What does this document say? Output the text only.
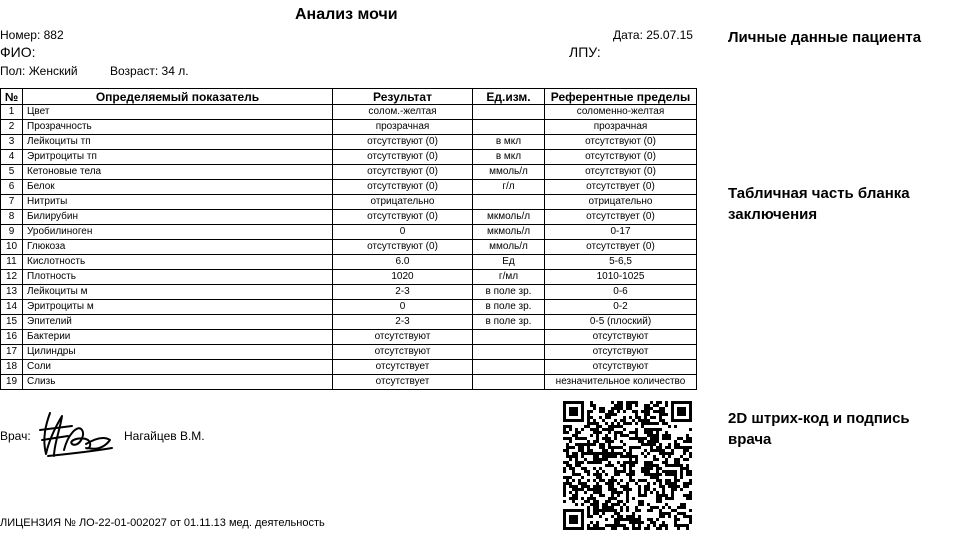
Анализ мочи
Номер: 882	Дата: 25.07.15
ФИО:	ЛПУ:
Пол: Женский	Возраст: 34 л.
№	Определяемый показатель	Результат	Ед.изм.	Референтные пределы
1	Цвет	солом.-желтая		соломенно-желтая
2	Прозрачность	прозрачная		прозрачная
3	Лейкоциты тп	отсутствуют (0)	в мкл	отсутствуют (0)
4	Эритроциты тп	отсутствуют (0)	в мкл	отсутствуют (0)
5	Кетоновые тела	отсутствуют (0)	ммоль/л	отсутствуют (0)
6	Белок	отсутствуют (0)	г/л	отсутствует (0)
7	Нитриты	отрицательно		отрицательно
8	Билирубин	отсутствуют (0)	мкмоль/л	отсутствует (0)
9	Уробилиноген	0	мкмоль/л	0-17
10	Глюкоза	отсутствуют (0)	ммоль/л	отсутствует (0)
11	Кислотность	6.0	Ед	5-6,5
12	Плотность	1020	г/мл	1010-1025
13	Лейкоциты м	2-3	в поле зр.	0-6
14	Эритроциты м	0	в поле зр.	0-2
15	Эпителий	2-3	в поле зр.	0-5 (плоский)
16	Бактерии	отсутствуют		отсутствуют
17	Цилиндры	отсутствуют		отсутствуют
18	Соли	отсутствует		отсутствуют
19	Слизь	отсутствует		незначительное количество
Врач:	Нагайцев В.М.
ЛИЦЕНЗИЯ № ЛО-22-01-002027 от 01.11.13 мед. деятельность
Личные данные пациента
Табличная часть бланка заключения
2D штрих-код и подпись врача
